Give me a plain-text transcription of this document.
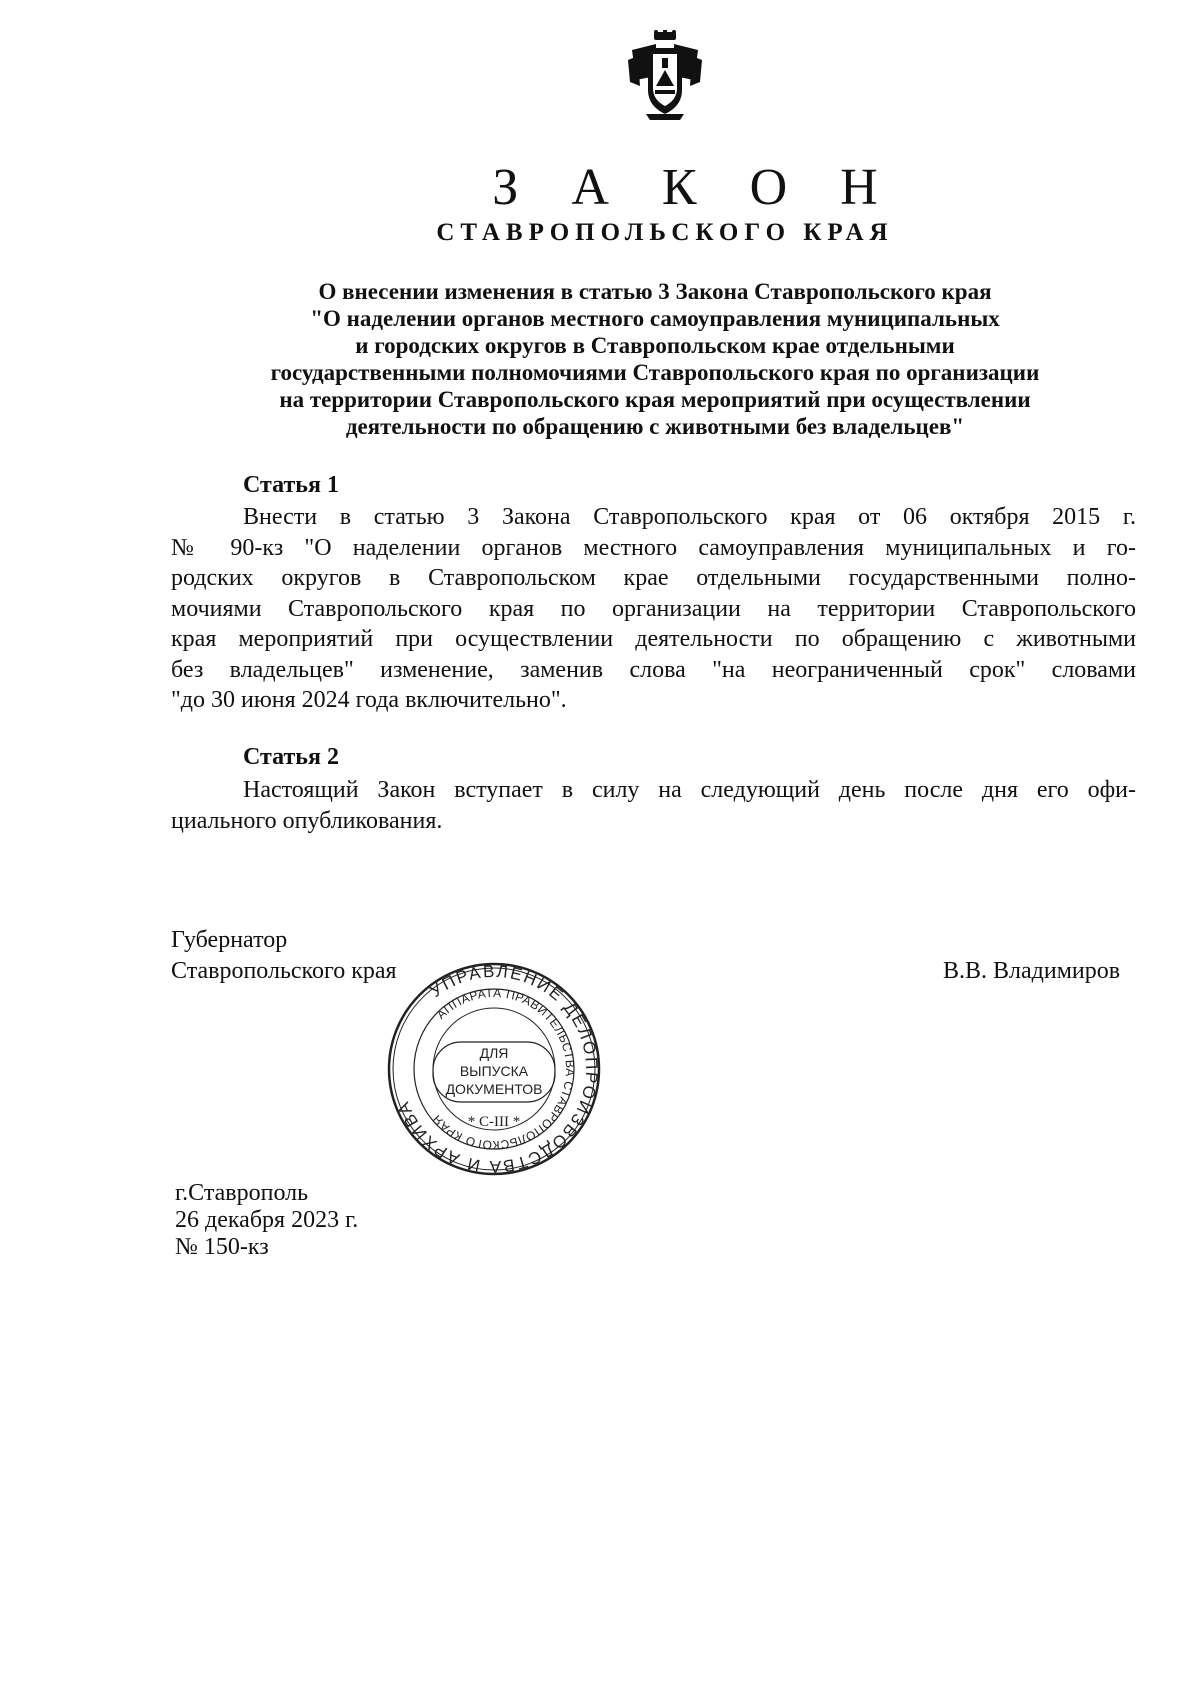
З А К О Н
СТАВРОПОЛЬСКОГО КРАЯ
О внесении изменения в статью 3 Закона Ставропольского края
"О наделении органов местного самоуправления муниципальных
и городских округов в Ставропольском крае отдельными
государственными полномочиями Ставропольского края по организации
на территории Ставропольского края мероприятий при осуществлении
деятельности по обращению с животными без владельцев"
Статья 1
Внести в статью 3 Закона Ставропольского края от 06 октября 2015 г.
№ 90-кз "О наделении органов местного самоуправления муниципальных и го-
родских округов в Ставропольском крае отдельными государственными полно-
мочиями Ставропольского края по организации на территории Ставропольского
края мероприятий при осуществлении деятельности по обращению с животными
без владельцев" изменение, заменив слова "на неограниченный срок" словами
"до 30 июня 2024 года включительно".
Статья 2
Настоящий Закон вступает в силу на следующий день после дня его офи-
циального опубликования.
Губернатор
Ставропольского края	В.В. Владимиров
УПРАВЛЕНИЕ ДЕЛОПРОИЗВОДСТВА И АРХИВА
АППАРАТА ПРАВИТЕЛЬСТВА СТАВРОПОЛЬСКОГО КРАЯ
ДЛЯ
ВЫПУСКА
ДОКУМЕНТОВ
* С-III *
г.Ставрополь
26 декабря 2023 г.
№ 150-кз
